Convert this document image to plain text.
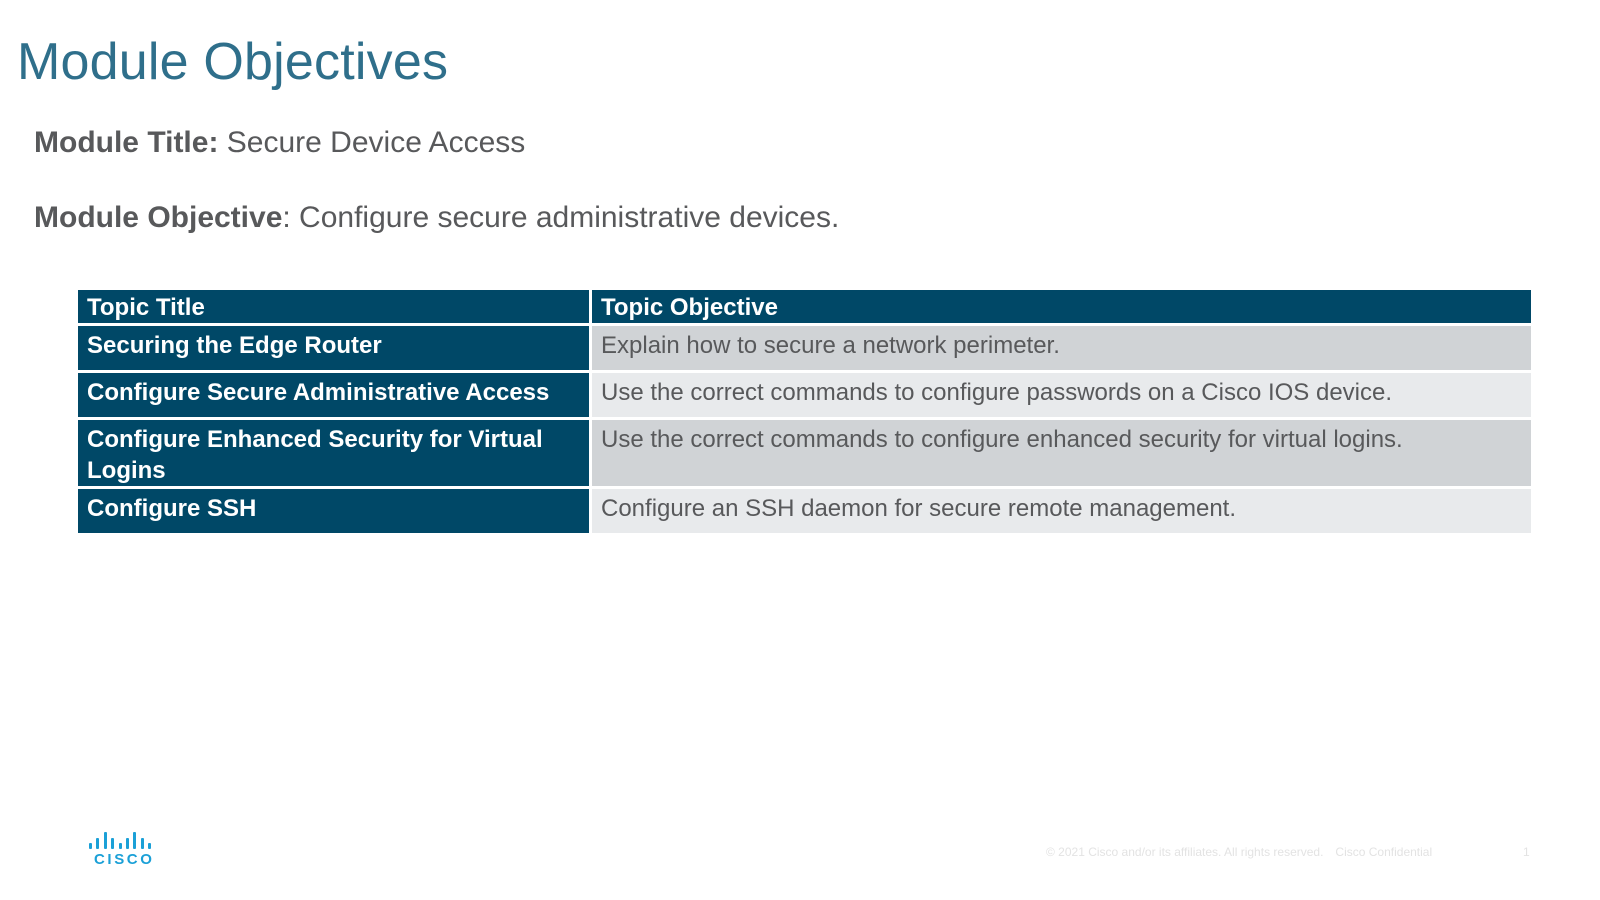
Module Objectives
Module Title: Secure Device Access
Module Objective: Configure secure administrative devices.
Topic Title	Topic Objective
Securing the Edge Router	Explain how to secure a network perimeter.
Configure Secure Administrative Access	Use the correct commands to configure passwords on a Cisco IOS device.
Configure Enhanced Security for Virtual Logins	Use the correct commands to configure enhanced security for virtual logins.
Configure SSH	Configure an SSH daemon for secure remote management.
CISCO	© 2021 Cisco and/or its affiliates. All rights reserved. Cisco Confidential	1
